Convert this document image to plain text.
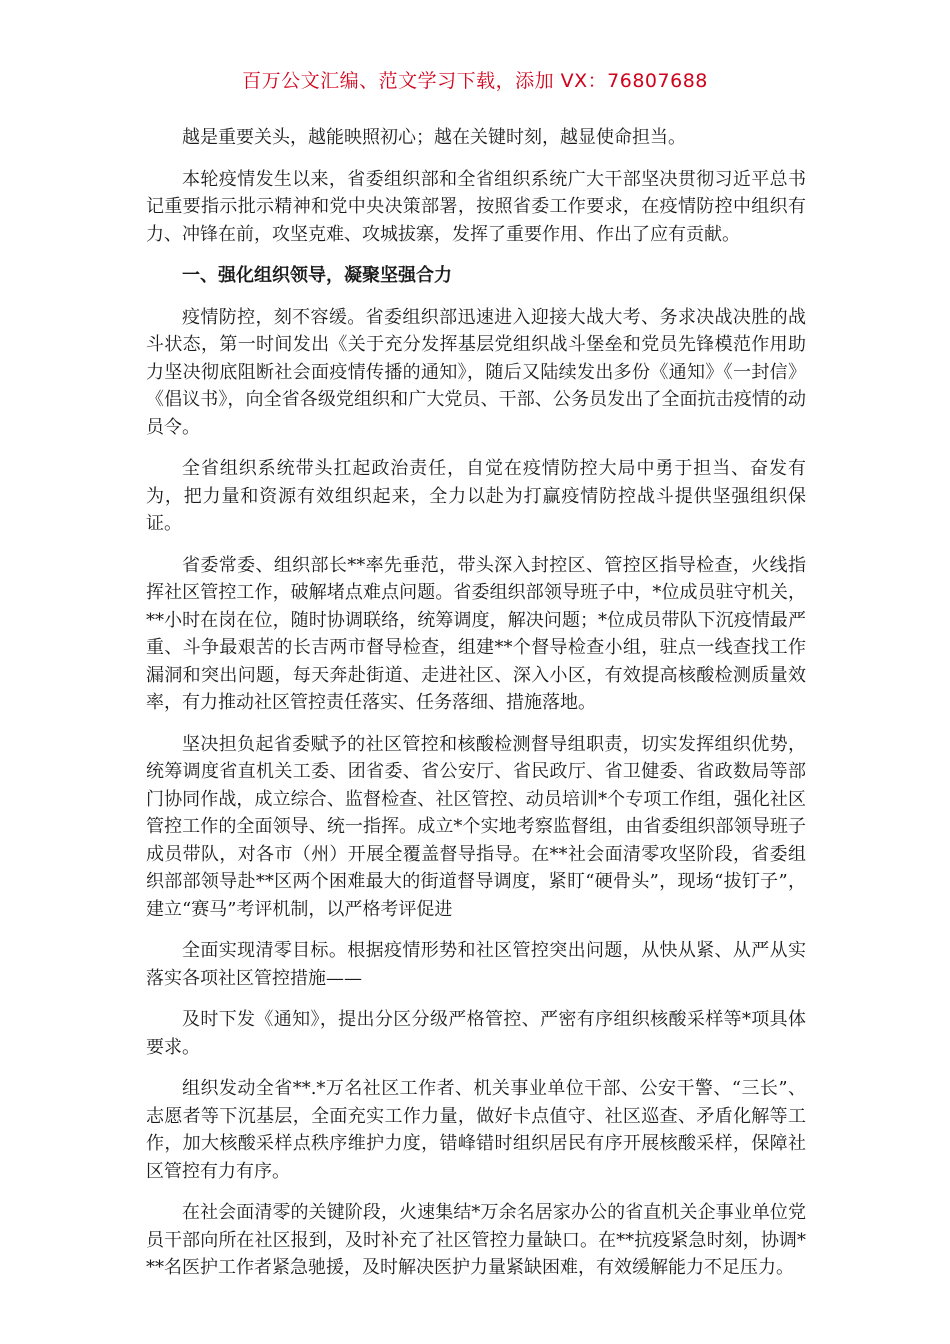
百万公文汇编、范文学习下载，添加 VX：76807688

越是重要关头，越能映照初心；越在关键时刻，越显使命担当。

本轮疫情发生以来，省委组织部和全省组织系统广大干部坚决贯彻习近平总书记重要指示批示精神和党中央决策部署，按照省委工作要求，在疫情防控中组织有力、冲锋在前，攻坚克难、攻城拔寨，发挥了重要作用、作出了应有贡献。

一、强化组织领导，凝聚坚强合力

疫情防控，刻不容缓。省委组织部迅速进入迎接大战大考、务求决战决胜的战斗状态，第一时间发出《关于充分发挥基层党组织战斗堡垒和党员先锋模范作用助力坚决彻底阻断社会面疫情传播的通知》，随后又陆续发出多份《通知》《一封信》《倡议书》，向全省各级党组织和广大党员、干部、公务员发出了全面抗击疫情的动员令。

全省组织系统带头扛起政治责任，自觉在疫情防控大局中勇于担当、奋发有为，把力量和资源有效组织起来，全力以赴为打赢疫情防控战斗提供坚强组织保证。

省委常委、组织部长**率先垂范，带头深入封控区、管控区指导检查，火线指挥社区管控工作，破解堵点难点问题。省委组织部领导班子中，*位成员驻守机关，**小时在岗在位，随时协调联络，统筹调度，解决问题；*位成员带队下沉疫情最严重、斗争最艰苦的长吉两市督导检查，组建**个督导检查小组，驻点一线查找工作漏洞和突出问题，每天奔赴街道、走进社区、深入小区，有效提高核酸检测质量效率，有力推动社区管控责任落实、任务落细、措施落地。

坚决担负起省委赋予的社区管控和核酸检测督导组职责，切实发挥组织优势，统筹调度省直机关工委、团省委、省公安厅、省民政厅、省卫健委、省政数局等部门协同作战，成立综合、监督检查、社区管控、动员培训*个专项工作组，强化社区管控工作的全面领导、统一指挥。成立*个实地考察监督组，由省委组织部领导班子成员带队，对各市（州）开展全覆盖督导指导。在**社会面清零攻坚阶段，省委组织部部领导赴**区两个困难最大的街道督导调度，紧盯“硬骨头”，现场“拔钉子”，建立“赛马”考评机制，以严格考评促进

全面实现清零目标。根据疫情形势和社区管控突出问题，从快从紧、从严从实落实各项社区管控措施——

及时下发《通知》，提出分区分级严格管控、严密有序组织核酸采样等*项具体要求。

组织发动全省**.*万名社区工作者、机关事业单位干部、公安干警、“三长”、志愿者等下沉基层，全面充实工作力量，做好卡点值守、社区巡查、矛盾化解等工作，加大核酸采样点秩序维护力度，错峰错时组织居民有序开展核酸采样，保障社区管控有力有序。

在社会面清零的关键阶段，火速集结*万余名居家办公的省直机关企事业单位党员干部向所在社区报到，及时补充了社区管控力量缺口。在**抗疫紧急时刻，协调***名医护工作者紧急驰援，及时解决医护力量紧缺困难，有效缓解能力不足压力。
